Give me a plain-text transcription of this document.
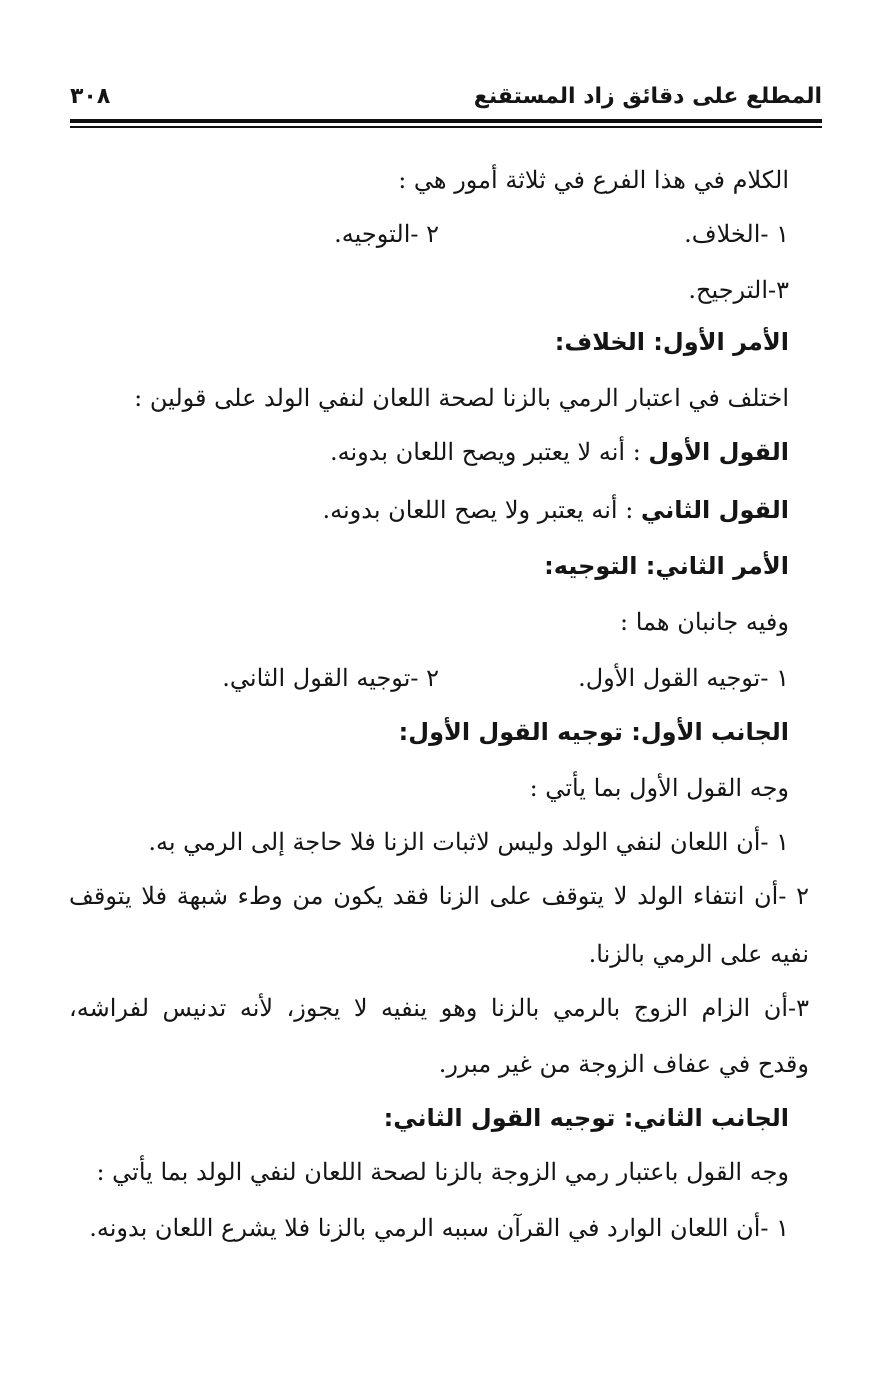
المطلع على دقائق زاد المستقنع
٣٠٨
الكلام في هذا الفرع في ثلاثة أمور هي :
١ -الخلاف.
٢ -التوجيه.
٣-الترجيح.
الأمر الأول: الخلاف:
اختلف في اعتبار الرمي بالزنا لصحة اللعان لنفي الولد على قولين :
القول الأول : أنه لا يعتبر ويصح اللعان بدونه.
القول الثاني : أنه يعتبر ولا يصح اللعان بدونه.
الأمر الثاني: التوجيه:
وفيه جانبان هما :
١ -توجيه القول الأول.
٢ -توجيه القول الثاني.
الجانب الأول: توجيه القول الأول:
وجه القول الأول بما يأتي :
١ -أن اللعان لنفي الولد وليس لاثبات الزنا فلا حاجة إلى الرمي به.
٢ -أن انتفاء الولد لا يتوقف على الزنا فقد يكون من وطء شبهة فلا يتوقف
نفيه على الرمي بالزنا.
٣-أن الزام الزوج بالرمي بالزنا وهو ينفيه لا يجوز، لأنه تدنيس لفراشه،
وقدح في عفاف الزوجة من غير مبرر.
الجانب الثاني: توجيه القول الثاني:
وجه القول باعتبار رمي الزوجة بالزنا لصحة اللعان لنفي الولد بما يأتي :
١ -أن اللعان الوارد في القرآن سببه الرمي بالزنا فلا يشرع اللعان بدونه.
